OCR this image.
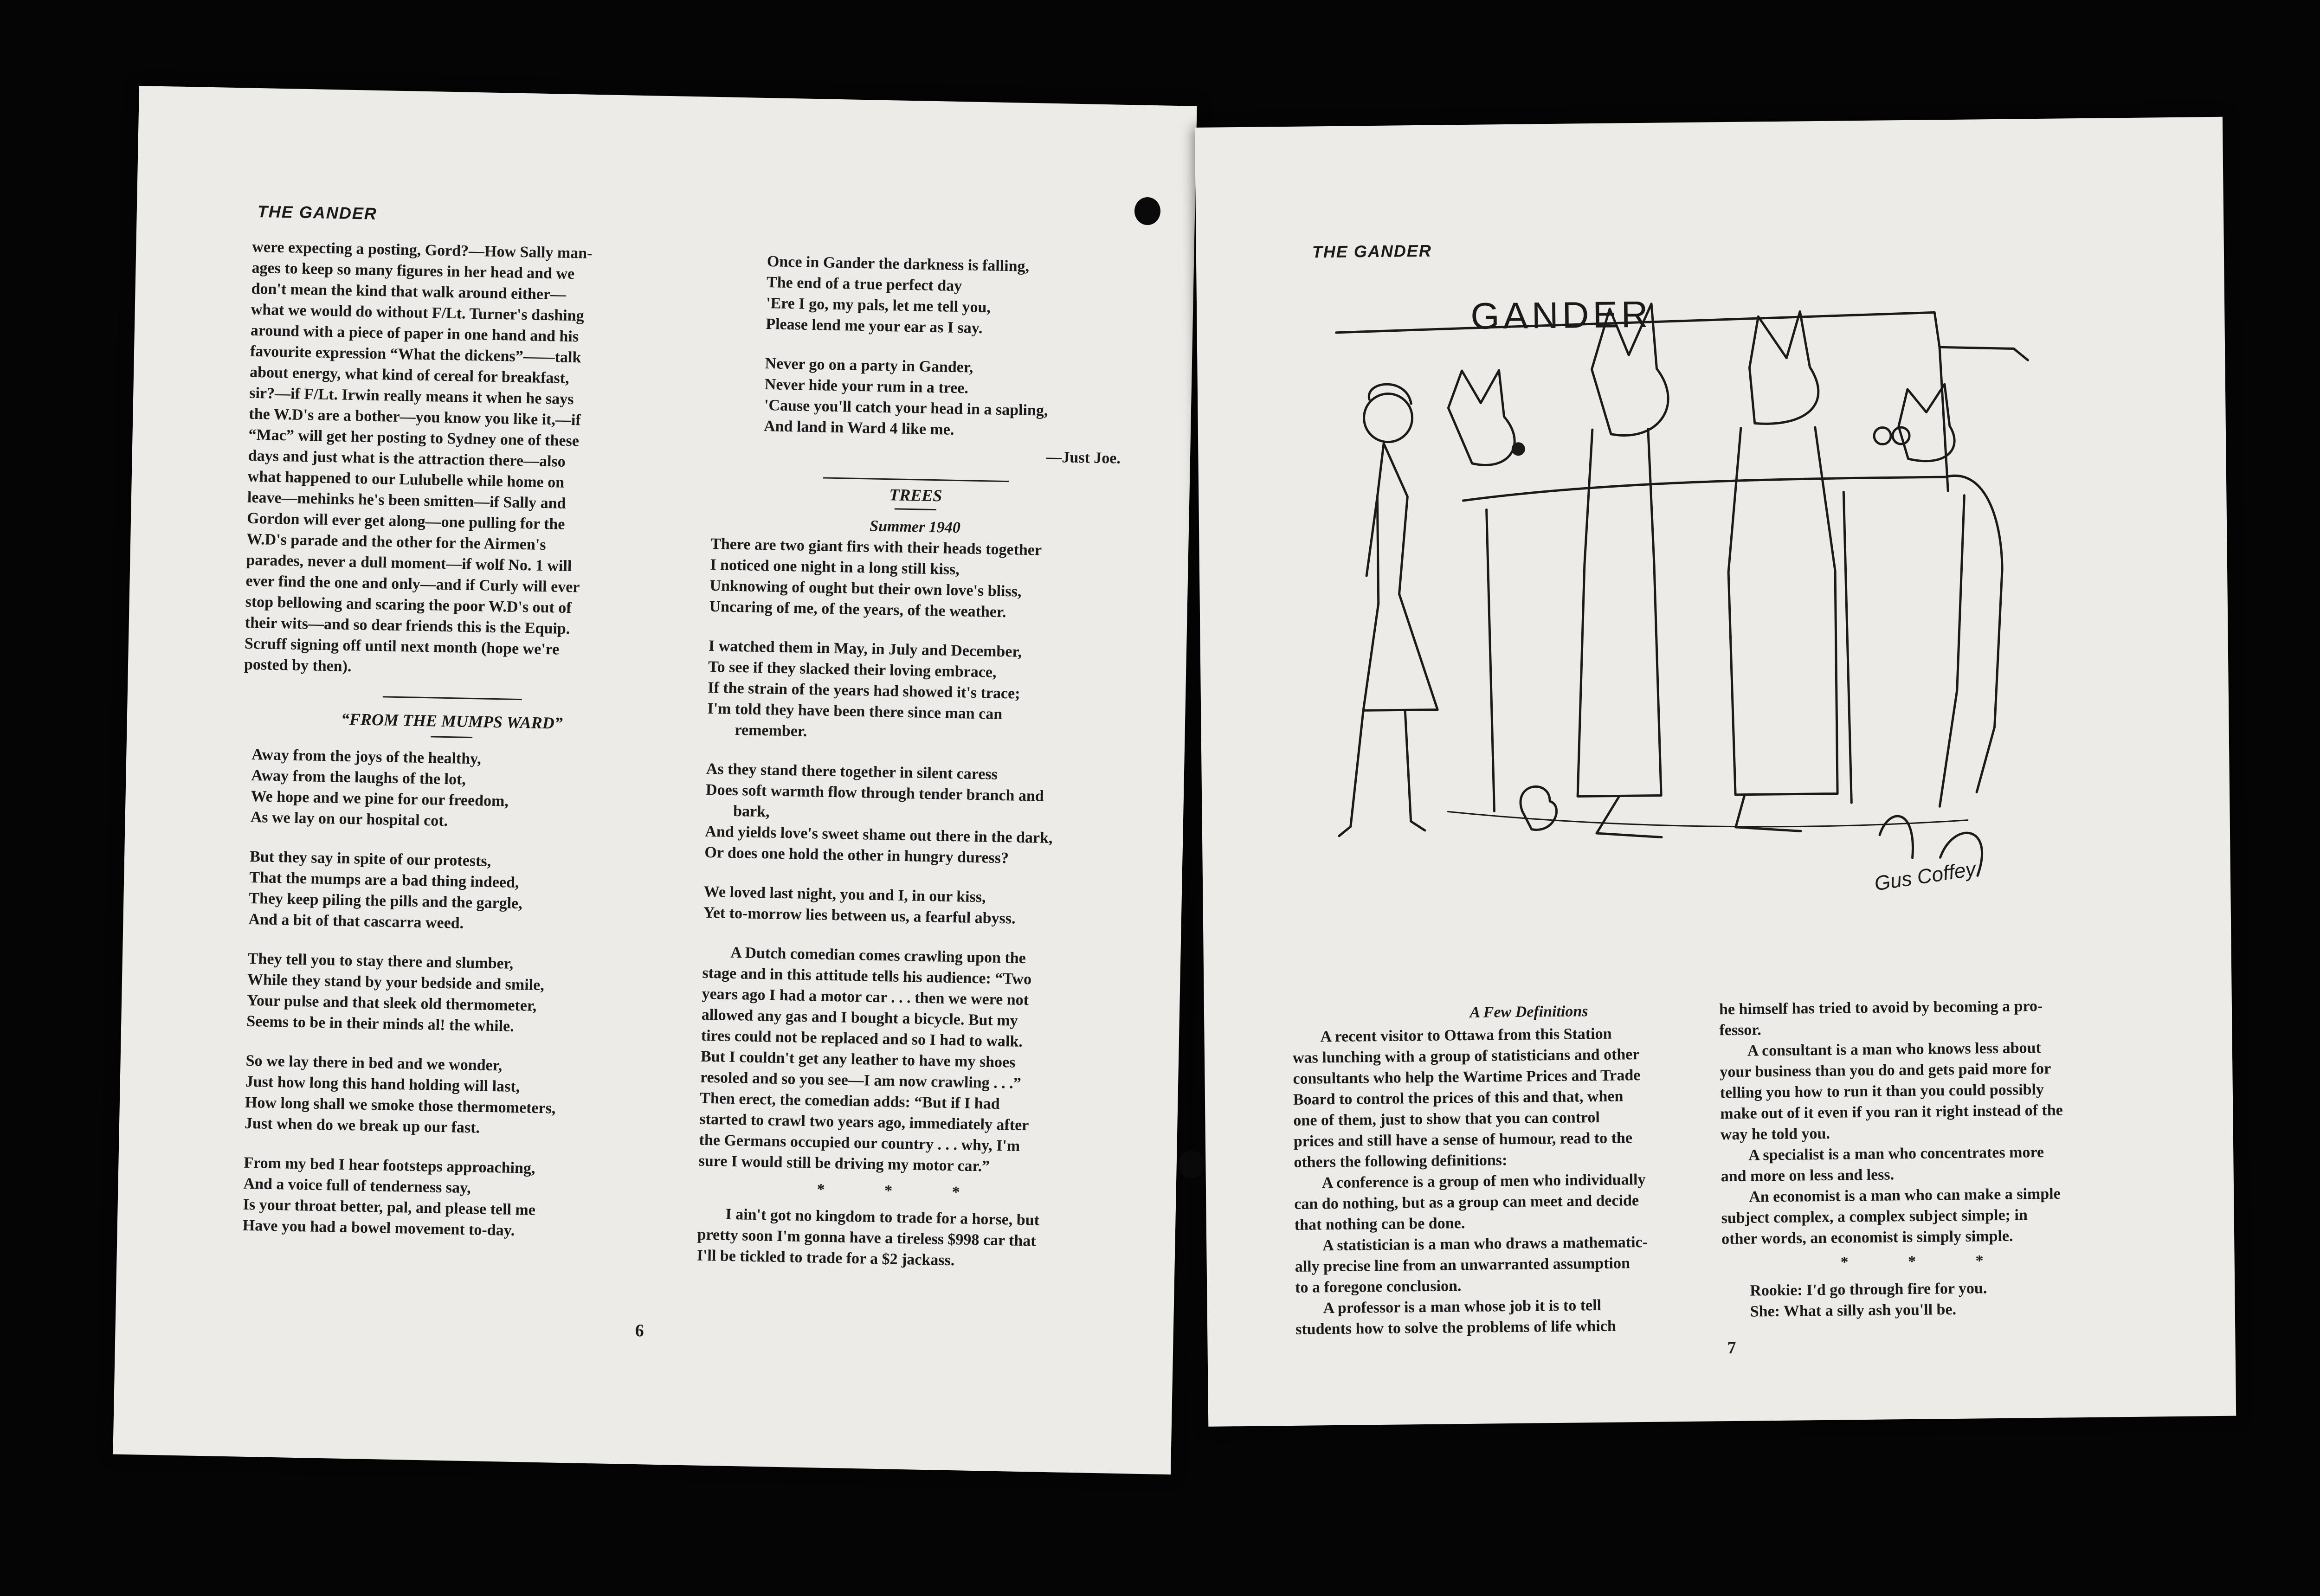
THE GANDER
were expecting a posting, Gord?—How Sally man-
ages to keep so many figures in her head and we
don't mean the kind that walk around either—
what we would do without F/Lt. Turner's dashing
around with a piece of paper in one hand and his
favourite expression “What the dickens”——talk
about energy, what kind of cereal for breakfast,
sir?—if F/Lt. Irwin really means it when he says
the W.D's are a bother—you know you like it,—if
“Mac” will get her posting to Sydney one of these
days and just what is the attraction there—also
what happened to our Lulubelle while home on
leave—mehinks he's been smitten—if Sally and
Gordon will ever get along—one pulling for the
W.D's parade and the other for the Airmen's
parades, never a dull moment—if wolf No. 1 will
ever find the one and only—and if Curly will ever
stop bellowing and scaring the poor W.D's out of
their wits—and so dear friends this is the Equip.
Scruff signing off until next month (hope we're
posted by then).

“FROM THE MUMPS WARD”

Away from the joys of the healthy,
Away from the laughs of the lot,
We hope and we pine for our freedom,
As we lay on our hospital cot.
But they say in spite of our protests,
That the mumps are a bad thing indeed,
They keep piling the pills and the gargle,
And a bit of that cascarra weed.
They tell you to stay there and slumber,
While they stand by your bedside and smile,
Your pulse and that sleek old thermometer,
Seems to be in their minds al! the while.
So we lay there in bed and we wonder,
Just how long this hand holding will last,
How long shall we smoke those thermometers,
Just when do we break up our fast.
From my bed I hear footsteps approaching,
And a voice full of tenderness say,
Is your throat better, pal, and please tell me
Have you had a bowel movement to-day.
Once in Gander the darkness is falling,
The end of a true perfect day
'Ere I go, my pals, let me tell you,
Please lend me your ear as I say.
Never go on a party in Gander,
Never hide your rum in a tree.
'Cause you'll catch your head in a sapling,
And land in Ward 4 like me.

—Just Joe.

TREES

Summer 1940

There are two giant firs with their heads together
I noticed one night in a long still kiss,
Unknowing of ought but their own love's bliss,
Uncaring of me, of the years, of the weather.
I watched them in May, in July and December,
To see if they slacked their loving embrace,
If the strain of the years had showed it's trace;
I'm told they have been there since man can
remember.
As they stand there together in silent caress
Does soft warmth flow through tender branch and
bark,
And yields love's sweet shame out there in the dark,
Or does one hold the other in hungry duress?
We loved last night, you and I, in our kiss,
Yet to-morrow lies between us, a fearful abyss.
A Dutch comedian comes crawling upon the
stage and in this attitude tells his audience: “Two
years ago I had a motor car . . . then we were not
allowed any gas and I bought a bicycle. But my
tires could not be replaced and so I had to walk.
But I couldn't get any leather to have my shoes
resoled and so you see—I am now crawling . . .”
Then erect, the comedian adds: “But if I had
started to crawl two years ago, immediately after
the Germans occupied our country . . . why, I'm
sure I would still be driving my motor car.”

* * *

I ain't got no kingdom to trade for a horse, but
pretty soon I'm gonna have a tireless $998 car that
I'll be tickled to trade for a $2 jackass.
6
THE GANDER
GANDER
Gus Coffey

A Few Definitions

A recent visitor to Ottawa from this Station
was lunching with a group of statisticians and other
consultants who help the Wartime Prices and Trade
Board to control the prices of this and that, when
one of them, just to show that you can control
prices and still have a sense of humour, read to the
others the following definitions:
A conference is a group of men who individually
can do nothing, but as a group can meet and decide
that nothing can be done.
A statistician is a man who draws a mathematic-
ally precise line from an unwarranted assumption
to a foregone conclusion.
A professor is a man whose job it is to tell
students how to solve the problems of life which
he himself has tried to avoid by becoming a pro-
fessor.
A consultant is a man who knows less about
your business than you do and gets paid more for
telling you how to run it than you could possibly
make out of it even if you ran it right instead of the
way he told you.
A specialist is a man who concentrates more
and more on less and less.
An economist is a man who can make a simple
subject complex, a complex subject simple; in
other words, an economist is simply simple.

* * *

Rookie: I'd go through fire for you.

She: What a silly ash you'll be.

7
